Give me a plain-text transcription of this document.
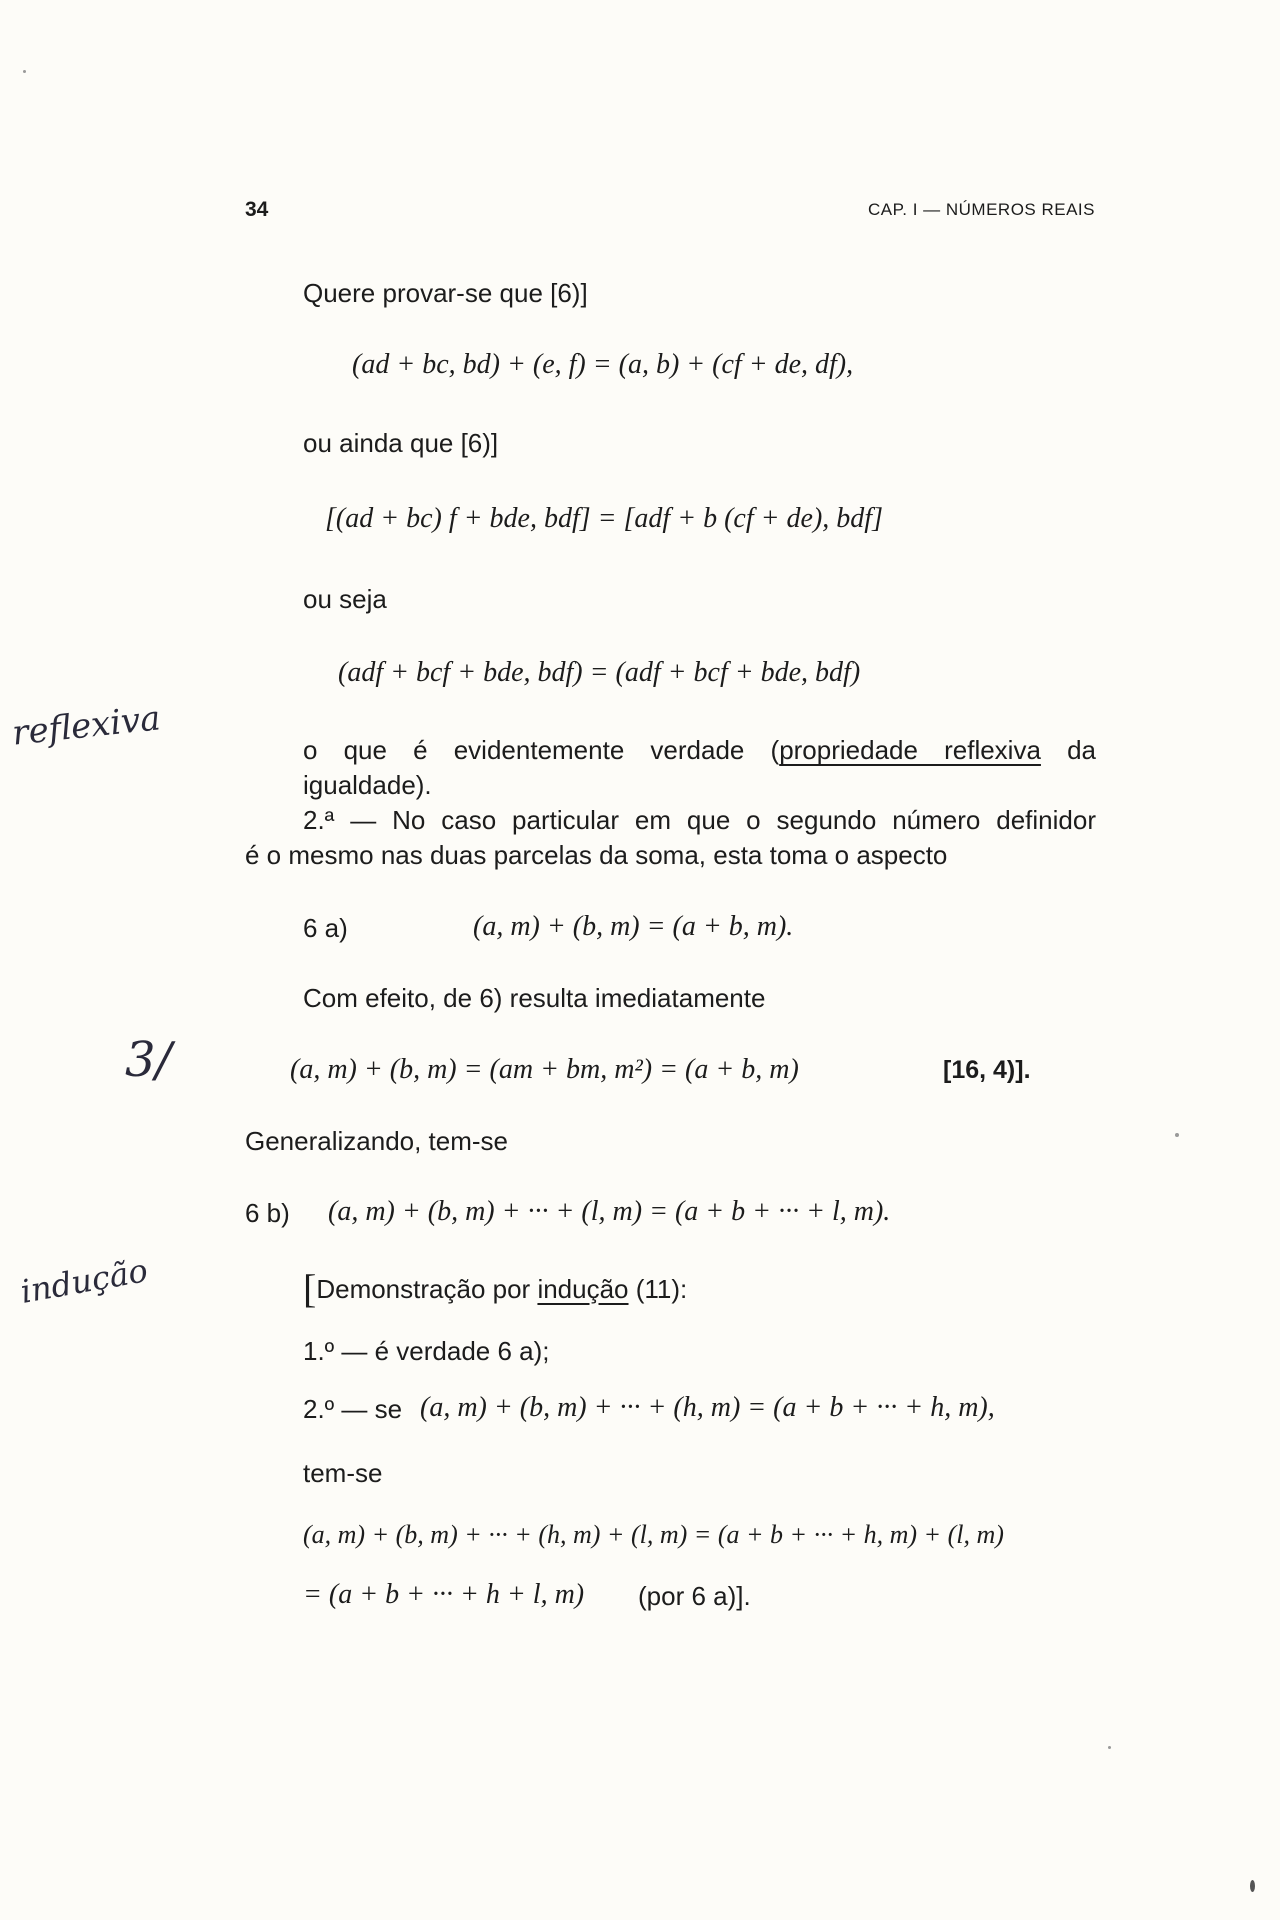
34	CAP. I — NÚMEROS REAIS
Quere provar-se que [6)]
(ad + bc, bd) + (e, f) = (a, b) + (cf + de, df),
ou ainda que [6)]
[(ad + bc) f + bde, bdf] = [adf + b (cf + de), bdf]
ou seja
(adf + bcf + bde, bdf) = (adf + bcf + bde, bdf)
o que é evidentemente verdade (propriedade reflexiva da
igualdade).
2.ª — No caso particular em que o segundo número definidor
é o mesmo nas duas parcelas da soma, esta toma o aspecto
6 a)	(a, m) + (b, m) = (a + b, m).
Com efeito, de 6) resulta imediatamente
(a, m) + (b, m) = (am + bm, m²) = (a + b, m)	[16, 4)].
Generalizando, tem-se
6 b) (a, m) + (b, m) + ··· + (l, m) = (a + b + ··· + l, m).
[Demonstração por indução (11):
1.º — é verdade 6 a);
2.º — se (a, m) + (b, m) + ··· + (h, m) = (a + b + ··· + h, m),
tem-se
(a, m) + (b, m) + ··· + (h, m) + (l, m) = (a + b + ··· + h, m) + (l, m)
= (a + b + ··· + h + l, m) (por 6 a)].
reflexiva
3/
indução
